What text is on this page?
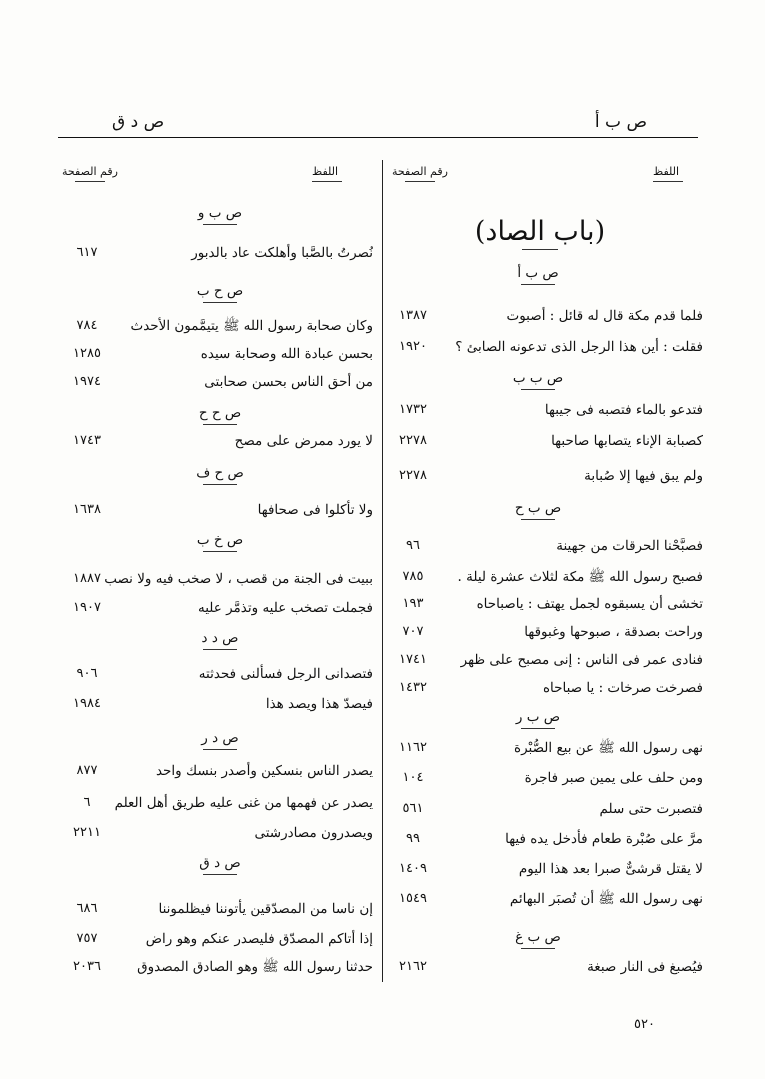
ص ب أ
ص د ق
اللفظ
رقم الصفحة
اللفظ
رقم الصفحة
(باب الصاد)
ص ب أ
فلما قدم مكة قال له قائل : أصبوت
١٣٨٧
فقلت : أين هذا الرجل الذى تدعونه الصابئ ؟
١٩٢٠
ص ب ب
فتدعو بالماء فتصبه فى جيبها
١٧٣٢
كصبابة الإناء يتصابها صاحبها
٢٢٧٨
ولم يبق فيها إلا صُبابة
٢٢٧٨
ص ب ح
فصبَّحْنا الحرقات من جهينة
٩٦
فصبح رسول الله ﷺ مكة لثلاث عشرة ليلة .
٧٨٥
تخشى أن يسبقوه لجمل يهتف : ياصباحاه
١٩٣
وراحت بصدقة ، صبوحها وغبوقها
٧٠٧
فنادى عمر فى الناس : إنى مصبح على ظهر
١٧٤١
فصرخت صرخات : يا صباحاه
١٤٣٢
ص ب ر
نهى رسول الله ﷺ عن بيع الصُّبْرة
١١٦٢
ومن حلف على يمين صبر فاجرة
١٠٤
فتصبرت حتى سلم
٥٦١
مرَّ على صُبْرة طعام فأدخل يده فيها
٩٩
لا يقتل قرشىٌّ صبرا بعد هذا اليوم
١٤٠٩
نهى رسول الله ﷺ أن تُصبَر البهائم
١٥٤٩
ص ب غ
فيُصبغ فى النار صبغة
٢١٦٢
ص ب و
نُصرتُ بالصَّبا وأهلكت عاد بالدبور
٦١٧
ص ح ب
وكان صحابة رسول الله ﷺ يتيمَّمون الأحدث
٧٨٤
بحسن عبادة الله وصحابة سيده
١٢٨٥
من أحق الناس بحسن صحابتى
١٩٧٤
ص ح ح
لا يورد ممرض على مصح
١٧٤٣
ص ح ف
ولا تأكلوا فى صحافها
١٦٣٨
ص خ ب
ببيت فى الجنة من قصب ، لا صخب فيه ولا نصب
١٨٨٧
فجملت تصخب عليه وتذمَّر عليه
١٩٠٧
ص د د
فتصدانى الرجل فسألنى فحدثته
٩٠٦
فيصدّ هذا ويصد هذا
١٩٨٤
ص د ر
يصدر الناس بنسكين وأصدر بنسك واحد
٨٧٧
يصدر عن فهمها من غنى عليه طريق أهل العلم
٦
ويصدرون مصادرشتى
٢٢١١
ص د ق
إن ناسا من المصدّقين يأتوننا فيظلموننا
٦٨٦
إذا أتاكم المصدّق فليصدر عنكم وهو راض
٧٥٧
حدثنا رسول الله ﷺ وهو الصادق المصدوق
٢٠٣٦
٥٢٠
